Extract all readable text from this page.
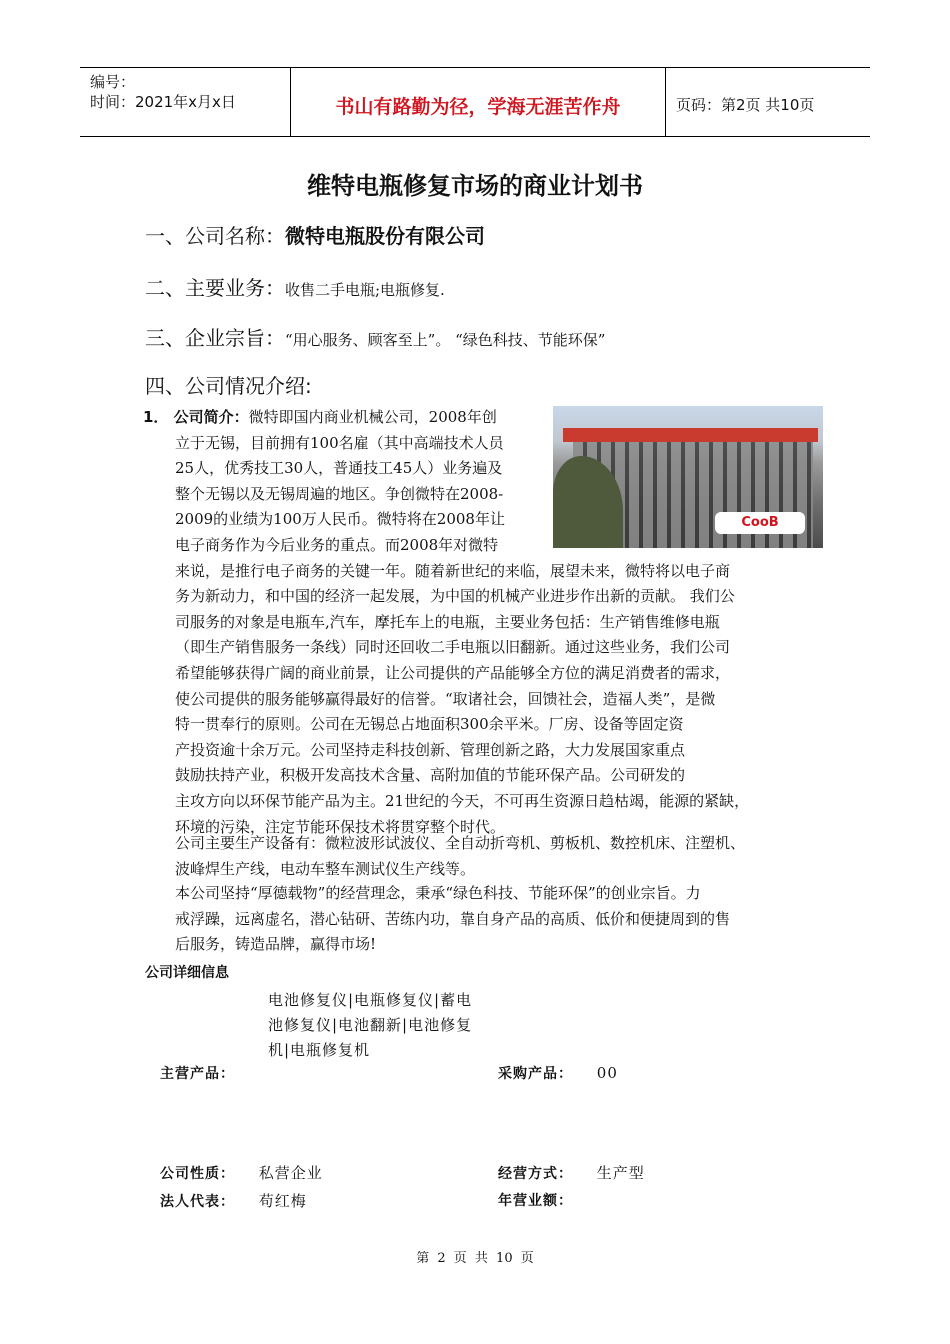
编号：
时间：2021年x月x日	书山有路勤为径，学海无涯苦作舟	页码：第2页 共10页
维特电瓶修复市场的商业计划书
一、公司名称：微特电瓶股份有限公司
二、主要业务：收售二手电瓶;电瓶修复.
三、企业宗旨：“用心服务、顾客至上”。 “绿色科技、节能环保”
四、公司情况介绍:
CooB

1． 公司简介：微特即国内商业机械公司，2008年创

立于无锡，目前拥有100名雇（其中高端技术人员

25人，优秀技工30人，普通技工45人）业务遍及

整个无锡以及无锡周遍的地区。争创微特在2008-

2009的业绩为100万人民币。微特将在2008年让

电子商务作为今后业务的重点。而2008年对微特

来说，是推行电子商务的关键一年。随着新世纪的来临，展望未来，微特将以电子商

务为新动力，和中国的经济一起发展，为中国的机械产业进步作出新的贡献。 我们公

司服务的对象是电瓶车,汽车，摩托车上的电瓶，主要业务包括：生产销售维修电瓶

（即生产销售服务一条线）同时还回收二手电瓶以旧翻新。通过这些业务，我们公司

希望能够获得广阔的商业前景，让公司提供的产品能够全方位的满足消费者的需求，

使公司提供的服务能够赢得最好的信誉。“取诸社会，回馈社会，造福人类”，是微

特一贯奉行的原则。公司在无锡总占地面积300余平米。厂房、设备等固定资

产投资逾十余万元。公司坚持走科技创新、管理创新之路，大力发展国家重点

鼓励扶持产业，积极开发高技术含量、高附加值的节能环保产品。公司研发的

主攻方向以环保节能产品为主。21世纪的今天，不可再生资源日趋枯竭，能源的紧缺，

环境的污染，注定节能环保技术将贯穿整个时代。

公司主要生产设备有：微粒波形试波仪、全自动折弯机、剪板机、数控机床、注塑机、
波峰焊生产线，电动车整车测试仪生产线等。
本公司坚持“厚德载物”的经营理念，秉承“绿色科技、节能环保”的创业宗旨。力
戒浮躁，远离虚名，潜心钻研、苦练内功，靠自身产品的高质、低价和便捷周到的售
后服务，铸造品牌，赢得市场!
公司详细信息
电池修复仪|电瓶修复仪|蓄电
池修复仪|电池翻新|电池修复
机|电瓶修复机
主营产品：	采购产品： 00
公司性质： 私营企业	经营方式： 生产型
法人代表： 苟红梅	年营业额：
第 2 页 共 10 页
